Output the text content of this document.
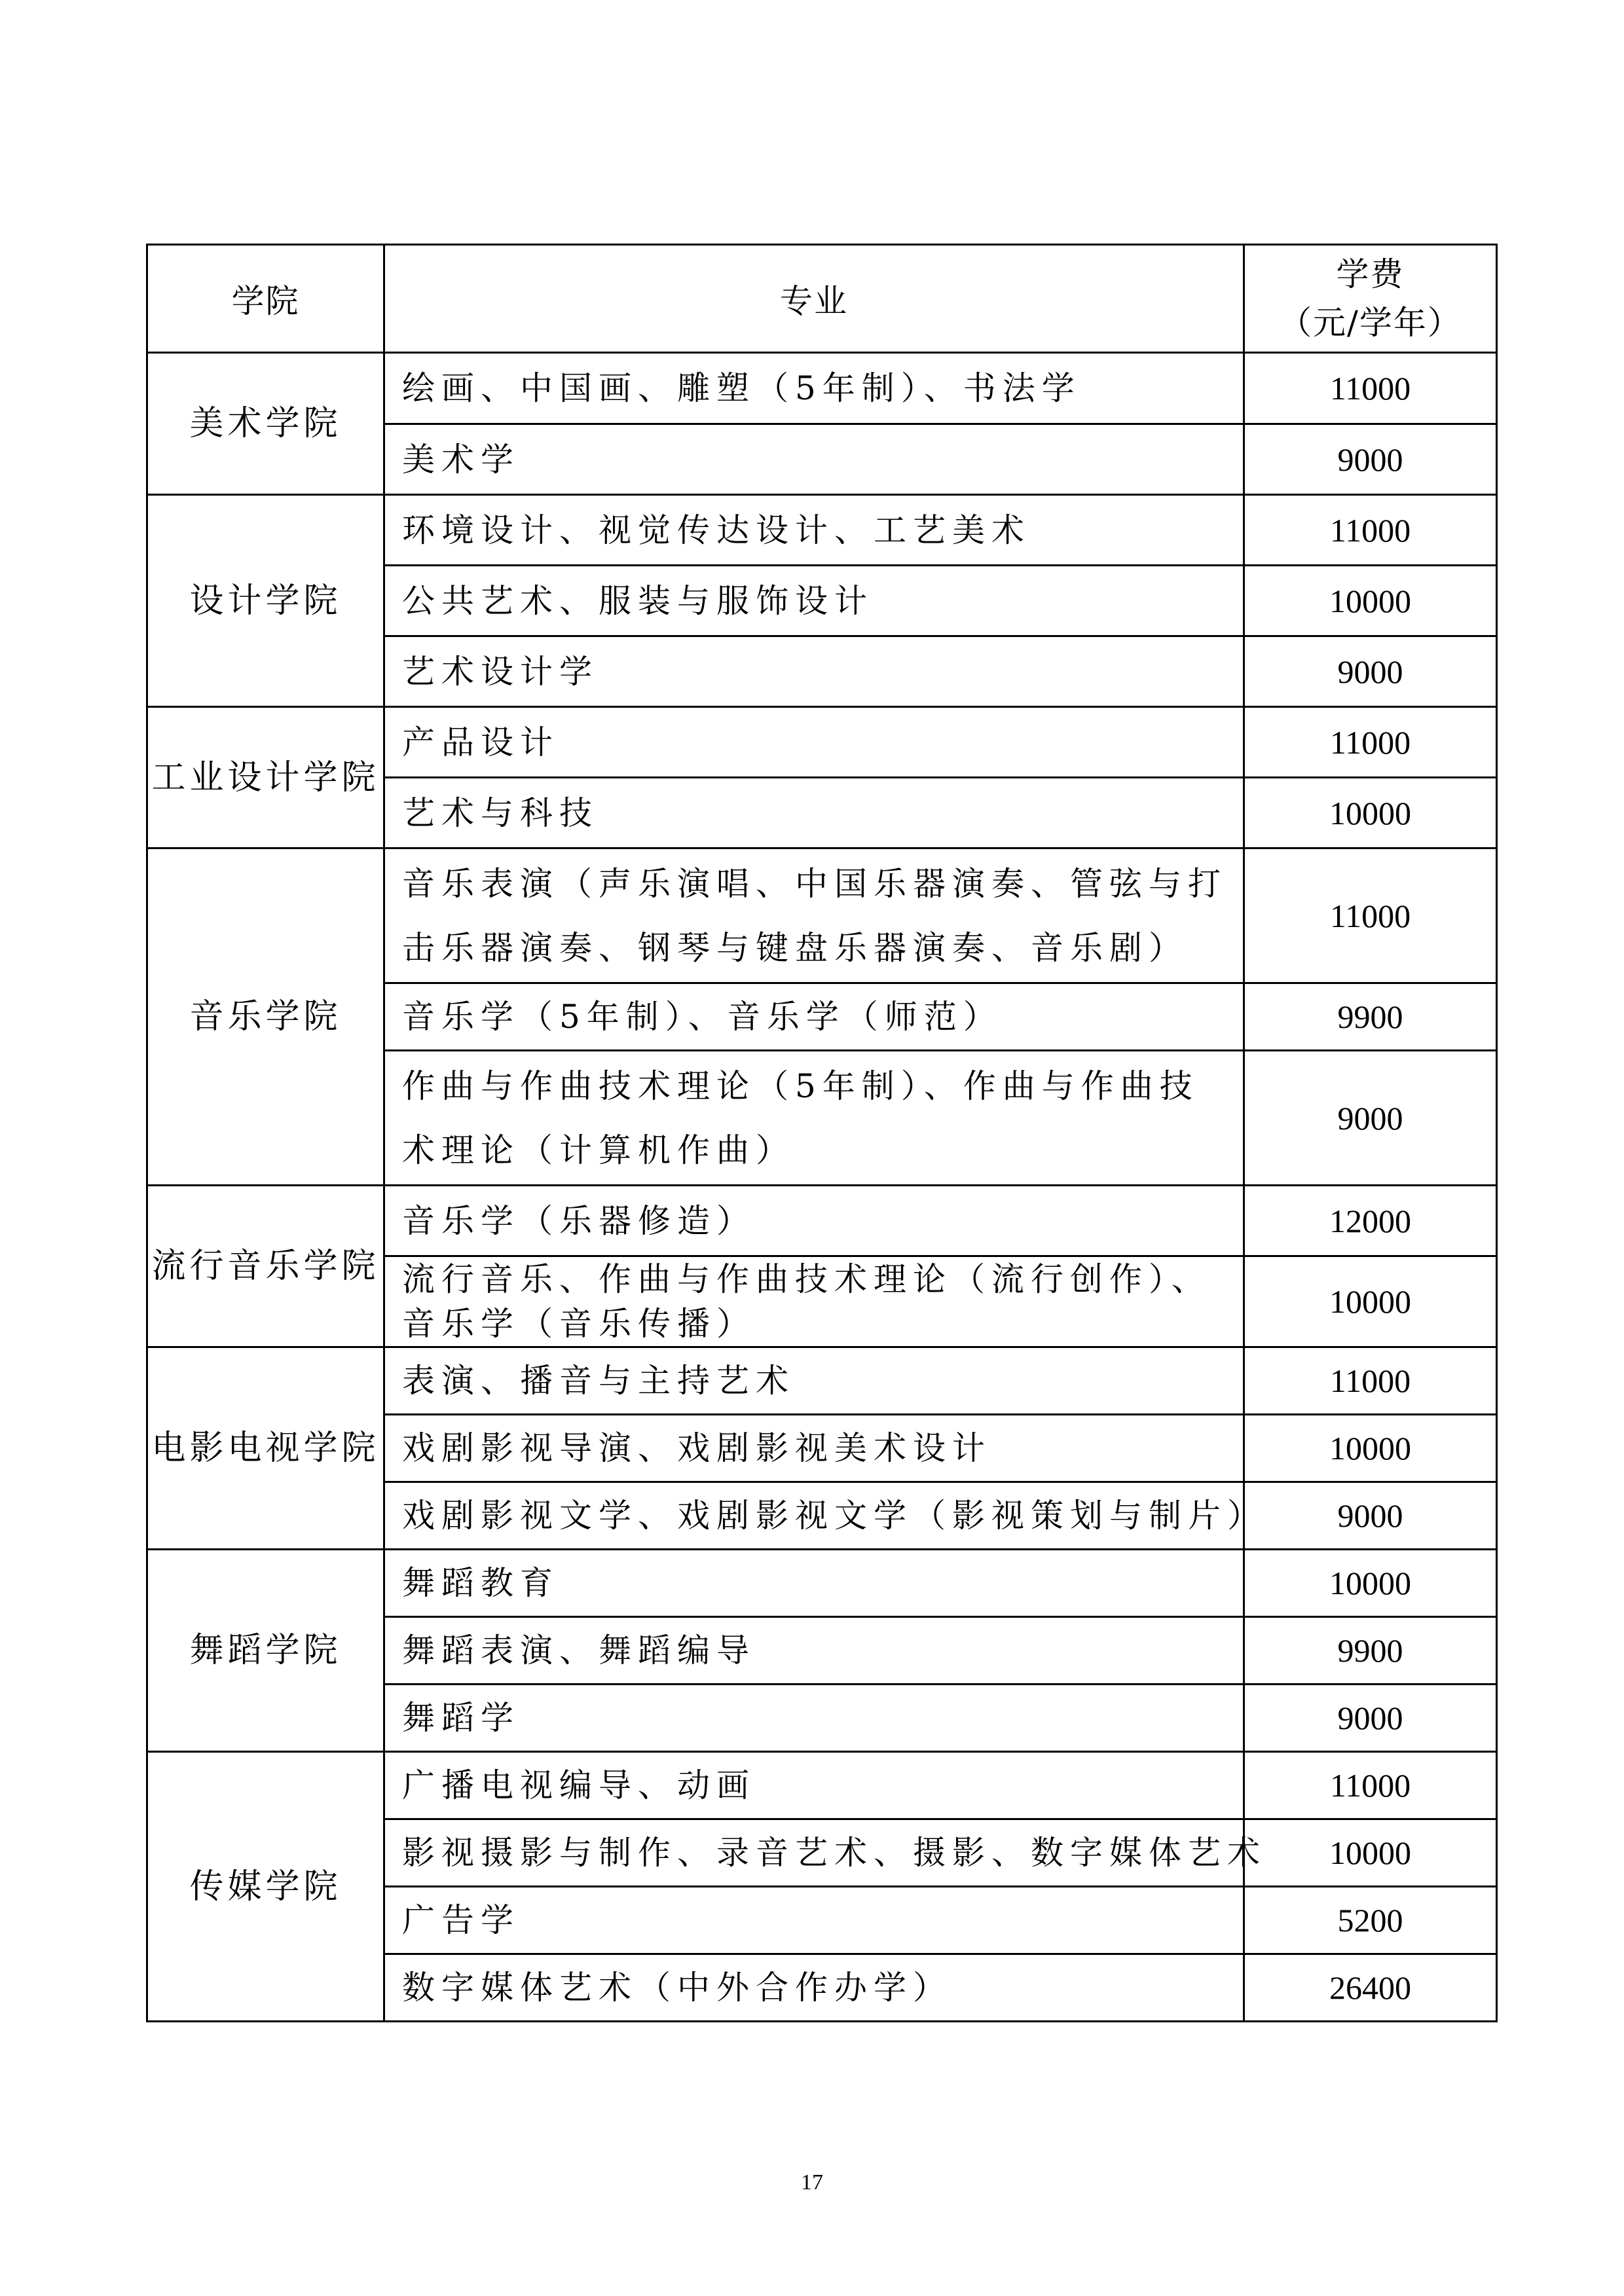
学院	专业	学费
（元/学年）

美术学院	绘画、中国画、雕塑（5年制）、书法学	11000
	美术学	9000
设计学院	环境设计、视觉传达设计、工艺美术	11000
	公共艺术、服装与服饰设计	10000
	艺术设计学	9000
工业设计学院	产品设计	11000
	艺术与科技	10000
音乐学院	音乐表演（声乐演唱、中国乐器演奏、管弦与打击乐器演奏、钢琴与键盘乐器演奏、音乐剧）	11000
	音乐学（5年制）、音乐学（师范）	9900
	作曲与作曲技术理论（5年制）、作曲与作曲技术理论（计算机作曲）	9000
流行音乐学院	音乐学（乐器修造）	12000
	流行音乐、作曲与作曲技术理论（流行创作）、音乐学（音乐传播）	10000
电影电视学院	表演、播音与主持艺术	11000
	戏剧影视导演、戏剧影视美术设计	10000
	戏剧影视文学、戏剧影视文学（影视策划与制片）	9000
舞蹈学院	舞蹈教育	10000
	舞蹈表演、舞蹈编导	9900
	舞蹈学	9000
传媒学院	广播电视编导、动画	11000
	影视摄影与制作、录音艺术、摄影、数字媒体艺术	10000
	广告学	5200
	数字媒体艺术（中外合作办学）	26400
17
